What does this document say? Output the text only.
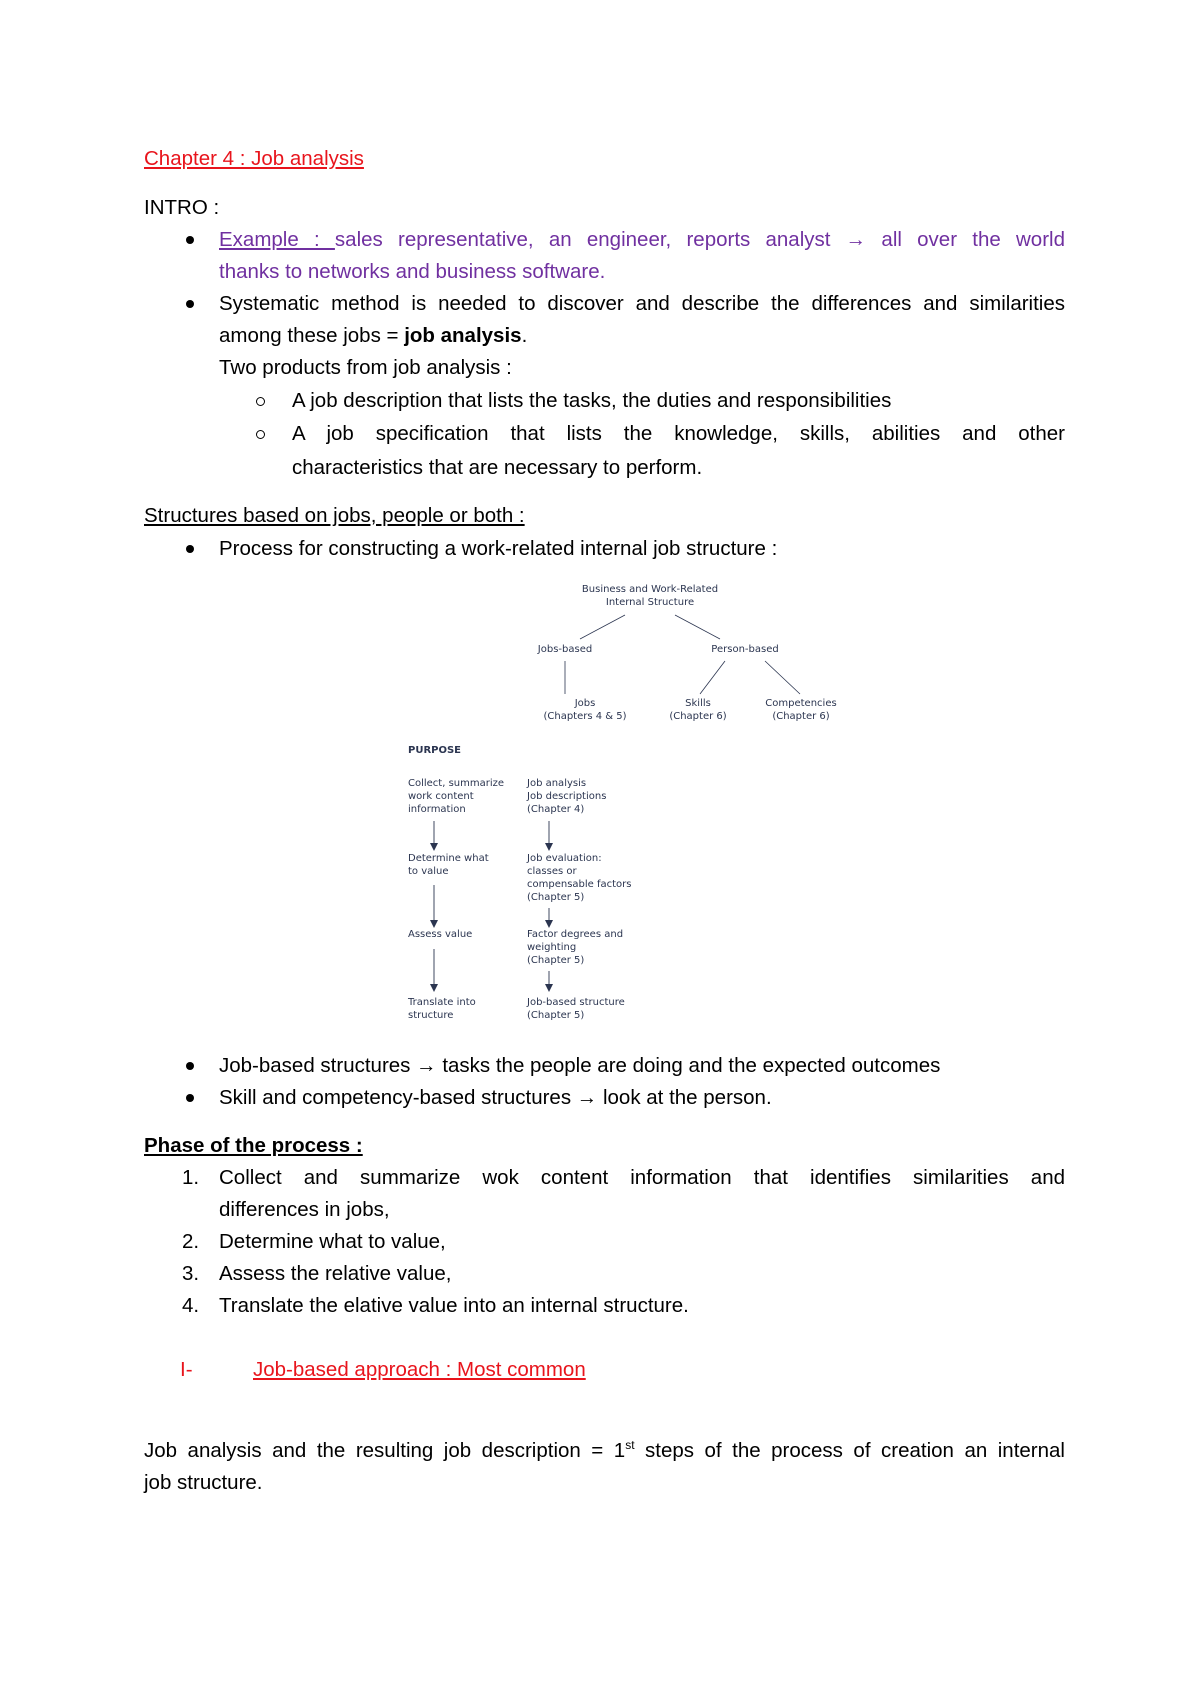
Chapter 4 : Job analysis
INTRO :
Example : sales representative, an engineer, reports analyst → all over the world
thanks to networks and business software.
Systematic method is needed to discover and describe the differences and similarities
among these jobs = job analysis.
Two products from job analysis :
A job description that lists the tasks, the duties and responsibilities
A job specification that lists the knowledge, skills, abilities and other
characteristics that are necessary to perform.
Structures based on jobs, people or both :
Process for constructing a work-related internal job structure :
Business and Work-Related
Internal Structure
Jobs-based	Person-based
Jobs
(Chapters 4 & 5)
Skills
(Chapter 6)
Competencies
(Chapter 6)
PURPOSE
Collect, summarize
work content
information
Determine what
to value
Assess value
Translate into
structure
Job analysis
Job descriptions
(Chapter 4)
Job evaluation:
classes or
compensable factors
(Chapter 5)
Factor degrees and
weighting
(Chapter 5)
Job-based structure
(Chapter 5)
Job-based structures → tasks the people are doing and the expected outcomes
Skill and competency-based structures → look at the person.
Phase of the process :
1. Collect and summarize wok content information that identifies similarities and
differences in jobs,
2. Determine what to value,
3. Assess the relative value,
4. Translate the elative value into an internal structure.
I-	Job-based approach : Most common
Job analysis and the resulting job description = 1st steps of the process of creation an internal
job structure.
